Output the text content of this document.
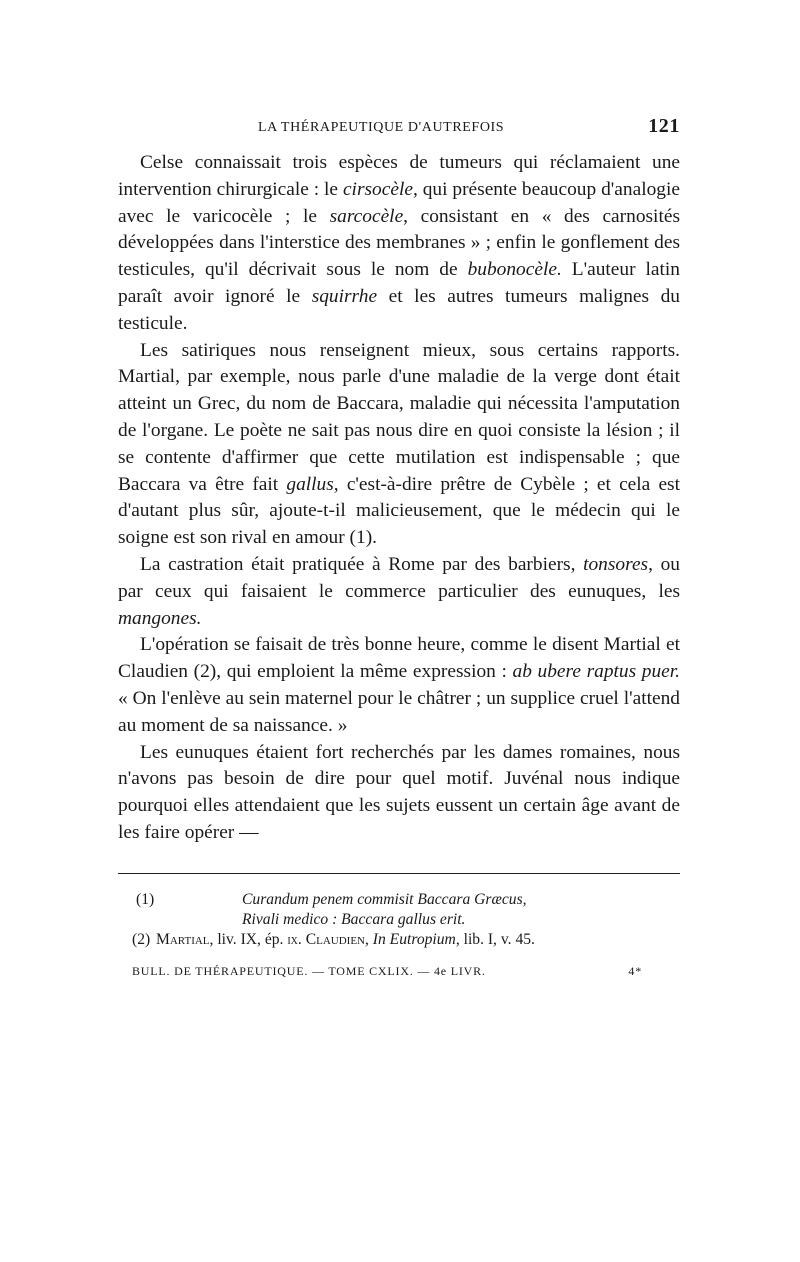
LA THÉRAPEUTIQUE D'AUTREFOIS	121

Celse connaissait trois espèces de tumeurs qui réclamaient une intervention chirurgicale : le cirsocèle, qui présente beaucoup d'analogie avec le varicocèle ; le sarcocèle, consistant en « des carnosités développées dans l'interstice des membranes » ; enfin le gonflement des testicules, qu'il décrivait sous le nom de bubonocèle. L'auteur latin paraît avoir ignoré le squirrhe et les autres tumeurs malignes du testicule.

Les satiriques nous renseignent mieux, sous certains rapports. Martial, par exemple, nous parle d'une maladie de la verge dont était atteint un Grec, du nom de Baccara, maladie qui nécessita l'amputation de l'organe. Le poète ne sait pas nous dire en quoi consiste la lésion ; il se contente d'affirmer que cette mutilation est indispensable ; que Baccara va être fait gallus, c'est-à-dire prêtre de Cybèle ; et cela est d'autant plus sûr, ajoute-t-il malicieusement, que le médecin qui le soigne est son rival en amour (1).

La castration était pratiquée à Rome par des barbiers, tonsores, ou par ceux qui faisaient le commerce particulier des eunuques, les mangones.

L'opération se faisait de très bonne heure, comme le disent Martial et Claudien (2), qui emploient la même expression : ab ubere raptus puer. « On l'enlève au sein maternel pour le châtrer ; un supplice cruel l'attend au moment de sa naissance. »

Les eunuques étaient fort recherchés par les dames romaines, nous n'avons pas besoin de dire pour quel motif. Juvénal nous indique pourquoi elles attendaient que les sujets eussent un certain âge avant de les faire opérer —

(1)	Curandum penem commisit Baccara Græcus,
Rivali medico : Baccara gallus erit.
(2) Martial, liv. IX, ép. ix. Claudien, In Eutropium, lib. I, v. 45.
BULL. DE THÉRAPEUTIQUE. — TOME CXLIX. — 4e LIVR.	4*
